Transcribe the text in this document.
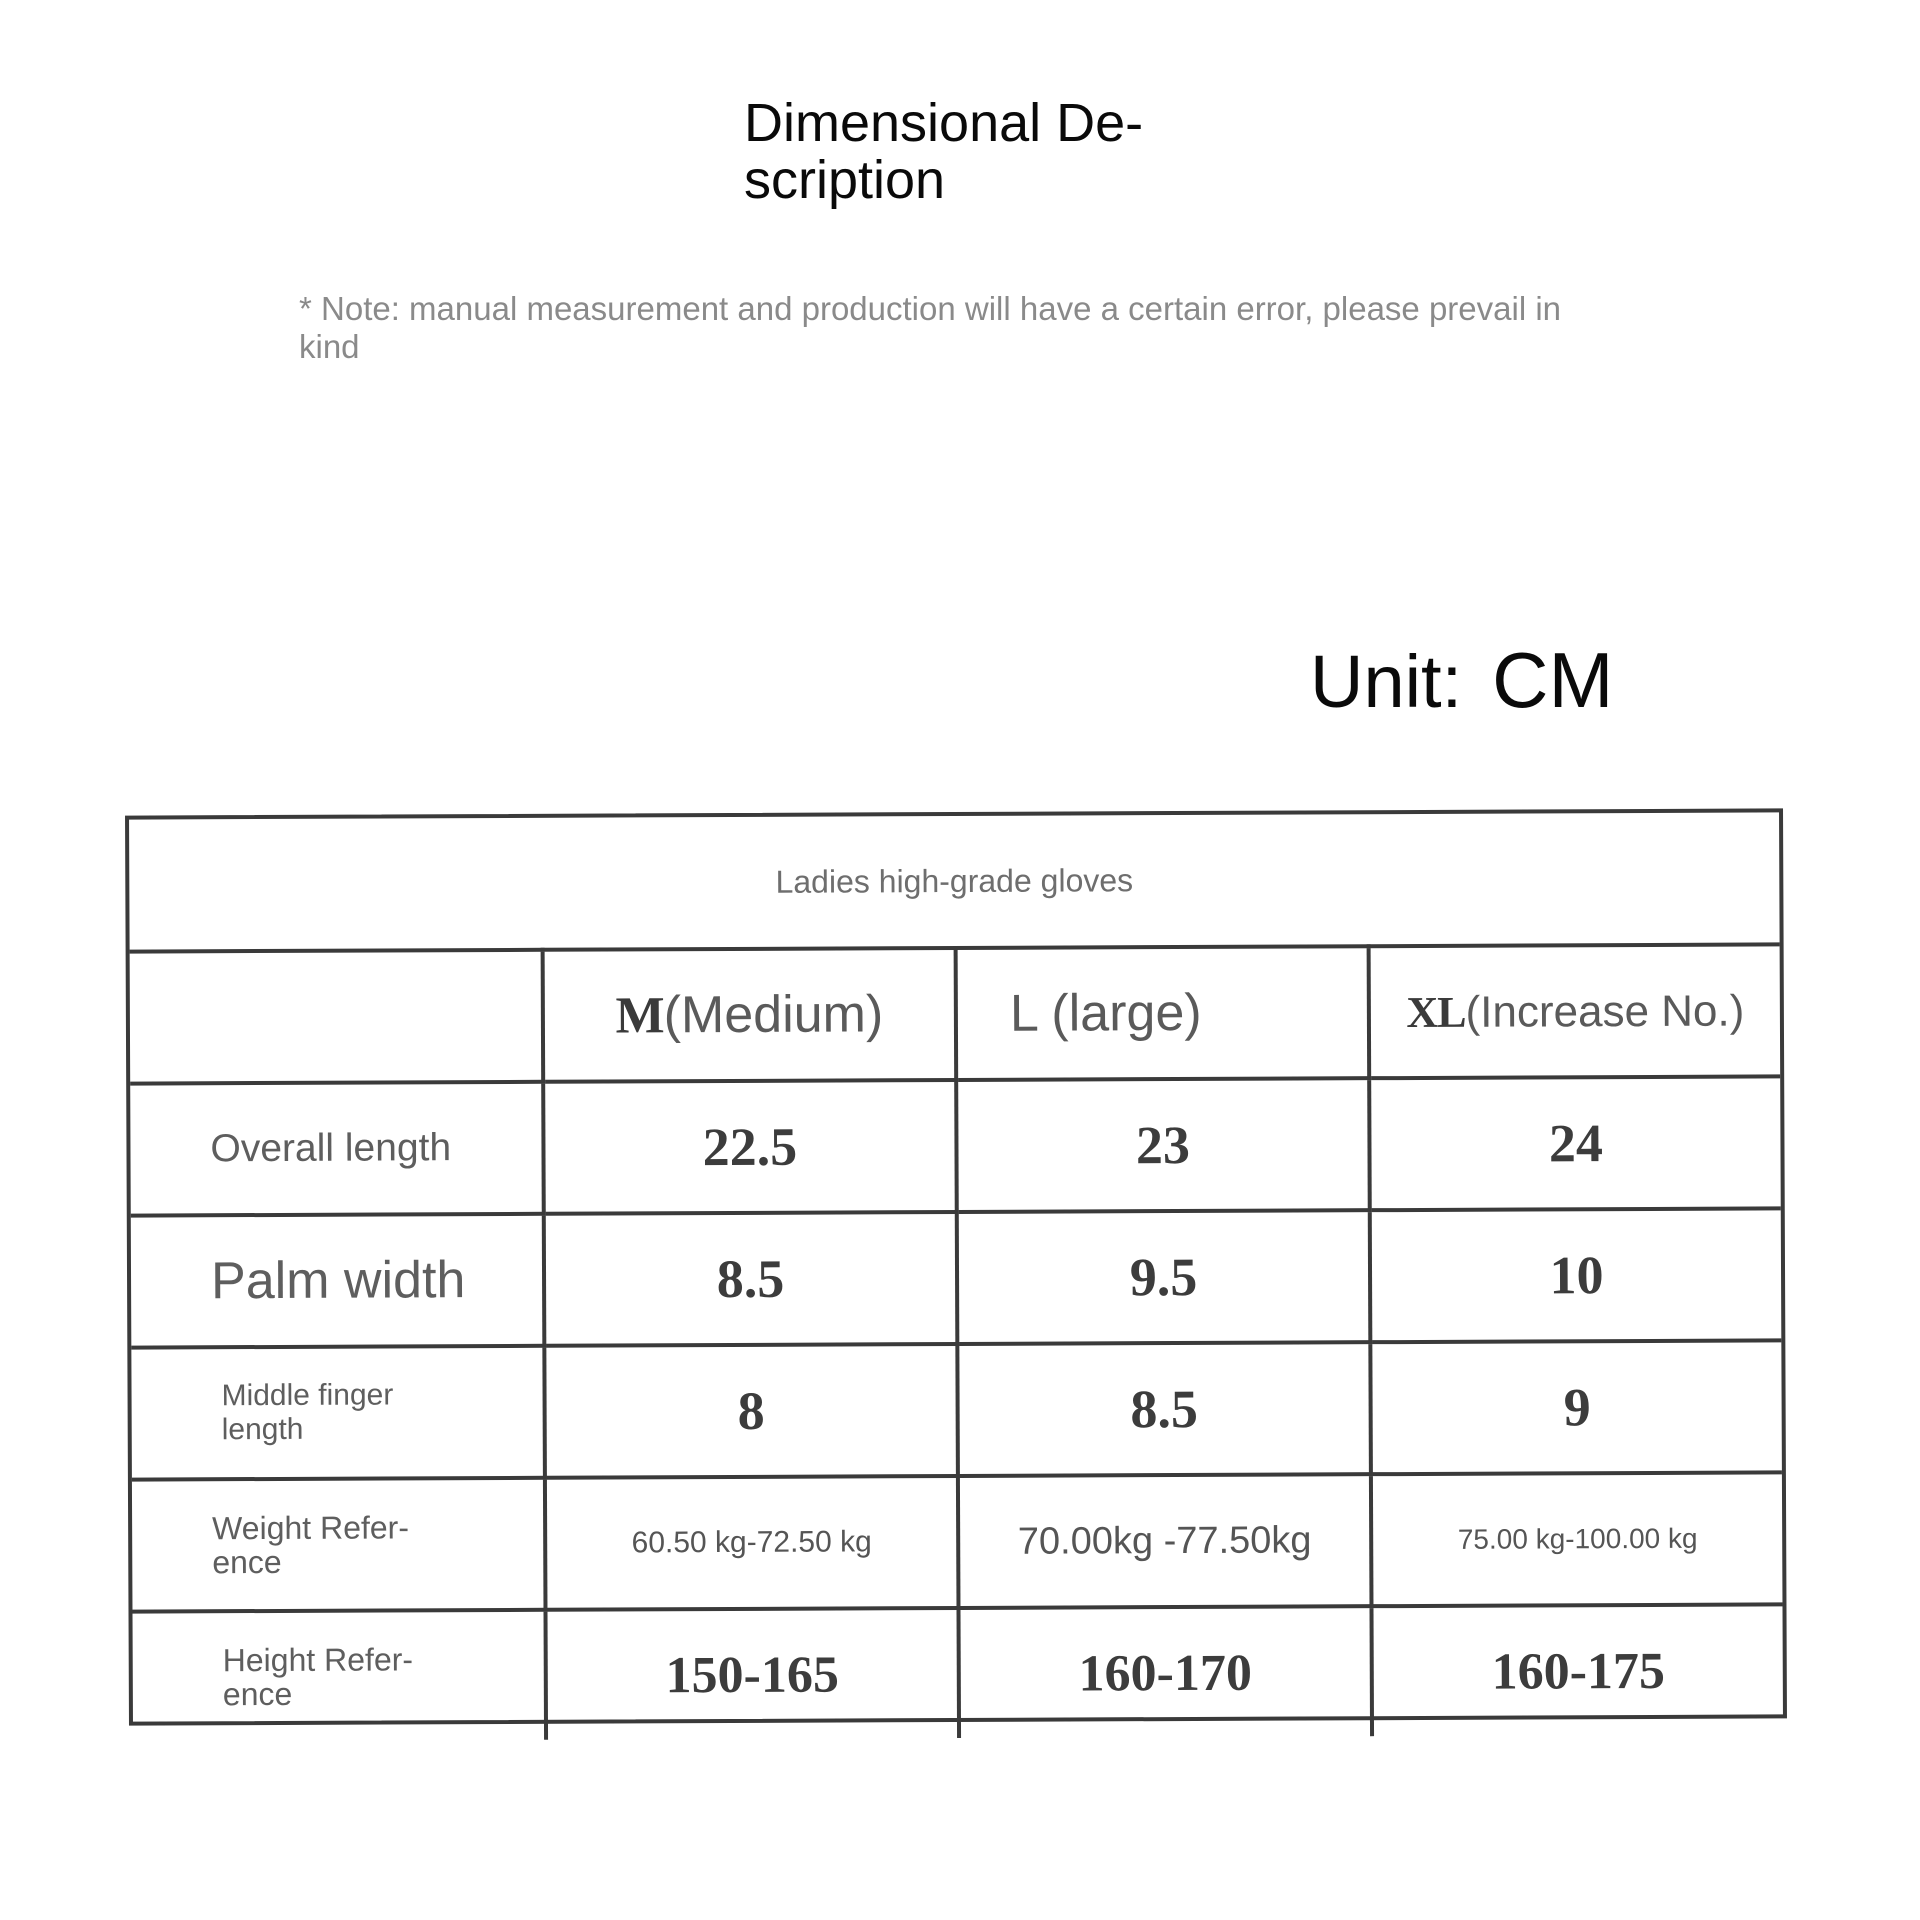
Dimensional De-
scription
* Note: manual measurement and production will have a certain error, please prevail in kind
Unit: CM
Ladies high-grade gloves			
	M(Medium)	L (large)	XL(Increase No.)
Overall length	22.5	23	24
Palm width	8.5	9.5	10

Middle finger length	8	8.5	9

Weight Refer- ence	60.50 kg-72.50 kg	70.00kg -77.50kg	75.00 kg-100.00 kg

Height Refer- ence	150-165	160-170	160-175
